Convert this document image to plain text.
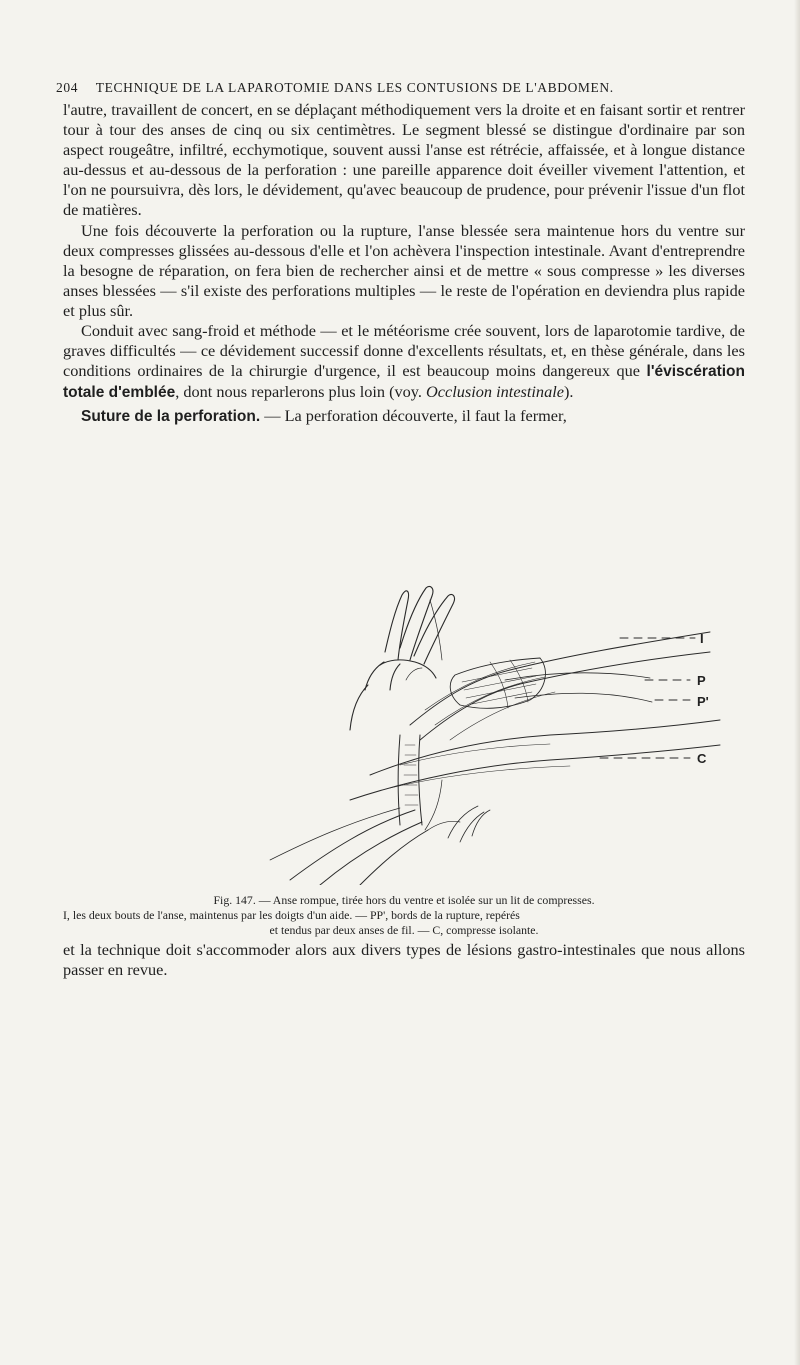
204 TECHNIQUE DE LA LAPAROTOMIE DANS LES CONTUSIONS DE L'ABDOMEN.

l'autre, travaillent de concert, en se déplaçant méthodiquement vers la droite et en faisant sortir et rentrer tour à tour des anses de cinq ou six centimètres. Le segment blessé se distingue d'ordinaire par son aspect rougeâtre, infiltré, ecchymotique, souvent aussi l'anse est rétrécie, affaissée, et à longue distance au-dessus et au-dessous de la perforation : une pareille apparence doit éveiller vivement l'attention, et l'on ne poursuivra, dès lors, le dévidement, qu'avec beaucoup de prudence, pour prévenir l'issue d'un flot de matières.

Une fois découverte la perforation ou la rupture, l'anse blessée sera maintenue hors du ventre sur deux compresses glissées au-dessous d'elle et l'on achèvera l'inspection intestinale. Avant d'entreprendre la besogne de réparation, on fera bien de rechercher ainsi et de mettre « sous compresse » les diverses anses blessées — s'il existe des perforations multiples — le reste de l'opération en deviendra plus rapide et plus sûr.

Conduit avec sang-froid et méthode — et le météorisme crée souvent, lors de laparotomie tardive, de graves difficultés — ce dévidement successif donne d'excellents résultats, et, en thèse générale, dans les conditions ordinaires de la chirurgie d'urgence, il est beaucoup moins dangereux que l'éviscération totale d'emblée, dont nous reparlerons plus loin (voy. Occlusion intestinale).

Suture de la perforation. — La perforation découverte, il faut la fermer,

I
P
P'
C
Fig. 147. — Anse rompue, tirée hors du ventre et isolée sur un lit de compresses.

I, les deux bouts de l'anse, maintenus par les doigts d'un aide. — PP', bords de la rupture, repérés
et tendus par deux anses de fil. — C, compresse isolante.

et la technique doit s'accommoder alors aux divers types de lésions gastro-intestinales que nous allons passer en revue.
